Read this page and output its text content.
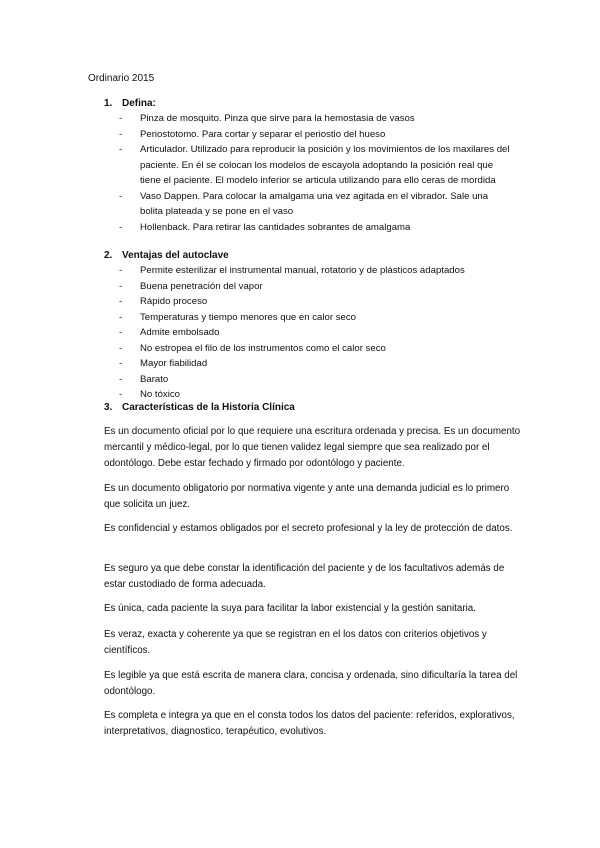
Ordinario 2015
1. Defina:
- Pinza de mosquito. Pinza que sirve para la hemostasia de vasos
- Periostotomo. Para cortar y separar el periostio del hueso
- Articulador. Utilizado para reproducir la posición y los movimientos de los maxilares del paciente. En él se colocan los modelos de escayola adoptando la posición real que tiene el paciente. El modelo inferior se articula utilizando para ello ceras de mordida
- Vaso Dappen. Para colocar la amalgama una vez agitada en el vibrador. Sale una bolita plateada y se pone en el vaso
- Hollenback. Para retirar las cantidades sobrantes de amalgama
2. Ventajas del autoclave
- Permite esterilizar el instrumental manual, rotatorio y de plásticos adaptados
- Buena penetración del vapor
- Rápido proceso
- Temperaturas y tiempo menores que en calor seco
- Admite embolsado
- No estropea el filo de los instrumentos como el calor seco
- Mayor fiabilidad
- Barato
- No tóxico
3. Características de la Historia Clínica

Es un documento oficial por lo que requiere una escritura ordenada y precisa. Es un documento mercantil y médico-legal, por lo que tienen validez legal siempre que sea realizado por el odontólogo. Debe estar fechado y firmado por odontólogo y paciente.

Es un documento obligatorio por normativa vigente y ante una demanda judicial es lo primero que solicita un juez.

Es confidencial y estamos obligados por el secreto profesional y la ley de protección de datos.

Es seguro ya que debe constar la identificación del paciente y de los facultativos además de estar custodiado de forma adecuada.

Es única, cada paciente la suya para facilitar la labor existencial y la gestión sanitaria.

Es veraz, exacta y coherente ya que se registran en el los datos con criterios objetivos y científicos.

Es legible ya que está escrita de manera clara, concisa y ordenada, sino dificultaría la tarea del odontólogo.

Es completa e integra ya que en el consta todos los datos del paciente: referidos, explorativos, interpretativos, diagnostico, terapéutico, evolutivos.
